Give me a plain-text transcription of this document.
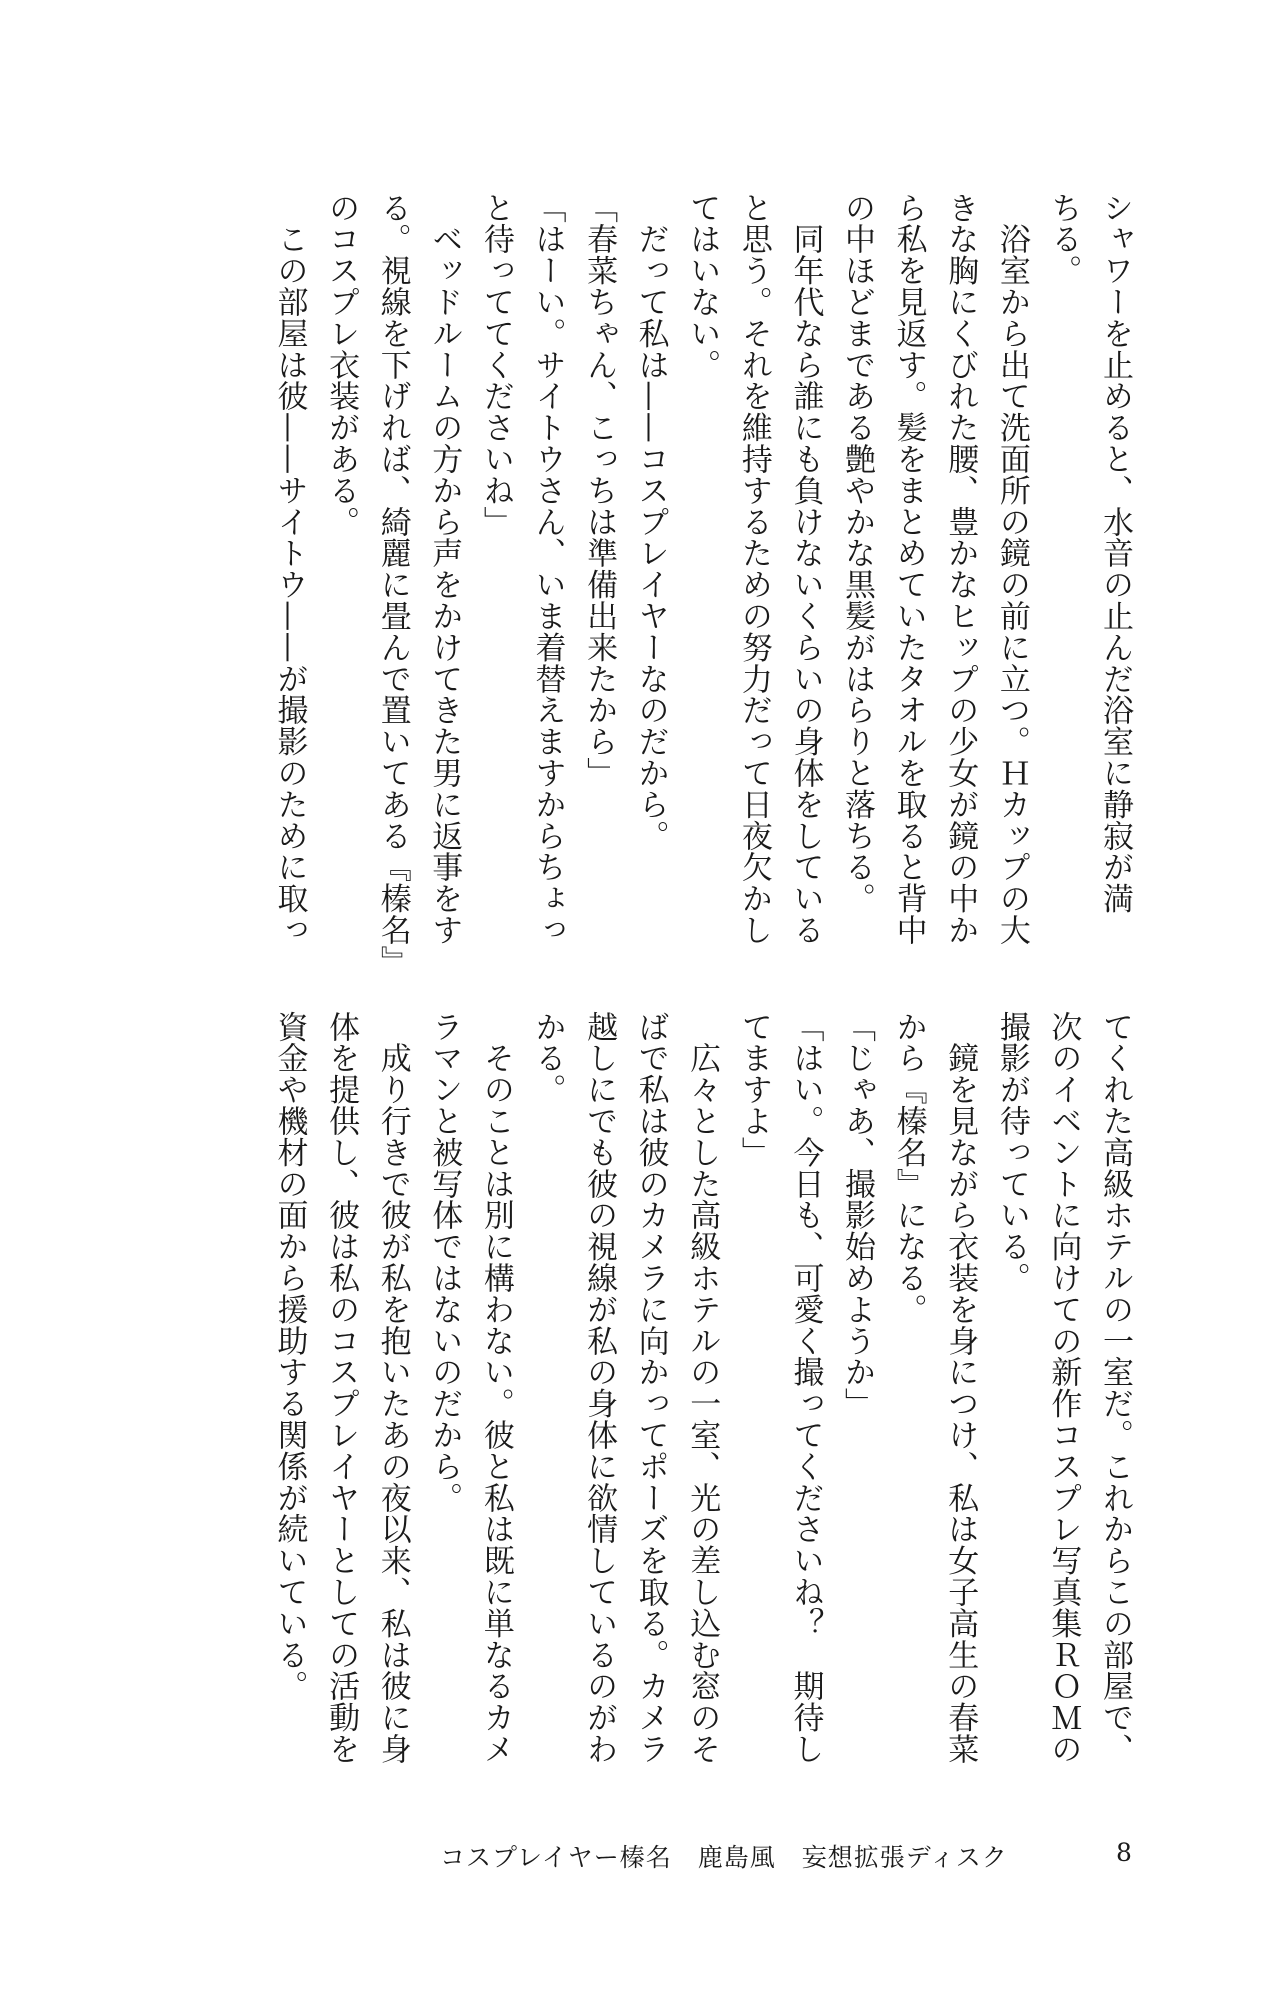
シャワーを止めると、水音の止んだ浴室に静寂が満
ちる。
　浴室から出て洗面所の鏡の前に立つ。Ｈカップの大
きな胸にくびれた腰、豊かなヒップの少女が鏡の中か
ら私を見返す。髪をまとめていたタオルを取ると背中
の中ほどまである艶やかな黒髪がはらりと落ちる。
　同年代なら誰にも負けないくらいの身体をしている
と思う。それを維持するための努力だって日夜欠かし
てはいない。
　だって私は——コスプレイヤーなのだから。
「春菜ちゃん、こっちは準備出来たから」
「はーい。サイトウさん、いま着替えますからちょっ
と待っててくださいね」
　ベッドルームの方から声をかけてきた男に返事をす
る。視線を下げれば、綺麗に畳んで置いてある『榛名』
のコスプレ衣装がある。
　この部屋は彼——サイトウ——が撮影のために取っ
てくれた高級ホテルの一室だ。これからこの部屋で、
次のイベントに向けての新作コスプレ写真集ＲＯＭの
撮影が待っている。
　鏡を見ながら衣装を身につけ、私は女子高生の春菜
から『榛名』になる。
「じゃあ、撮影始めようか」
「はい。今日も、可愛く撮ってくださいね？　期待し
てますよ」
　広々とした高級ホテルの一室、光の差し込む窓のそ
ばで私は彼のカメラに向かってポーズを取る。カメラ
越しにでも彼の視線が私の身体に欲情しているのがわ
かる。
　そのことは別に構わない。彼と私は既に単なるカメ
ラマンと被写体ではないのだから。
　成り行きで彼が私を抱いたあの夜以来、私は彼に身
体を提供し、彼は私のコスプレイヤーとしての活動を
資金や機材の面から援助する関係が続いている。
コスプレイヤー榛名　鹿島風　妄想拡張ディスク	8
